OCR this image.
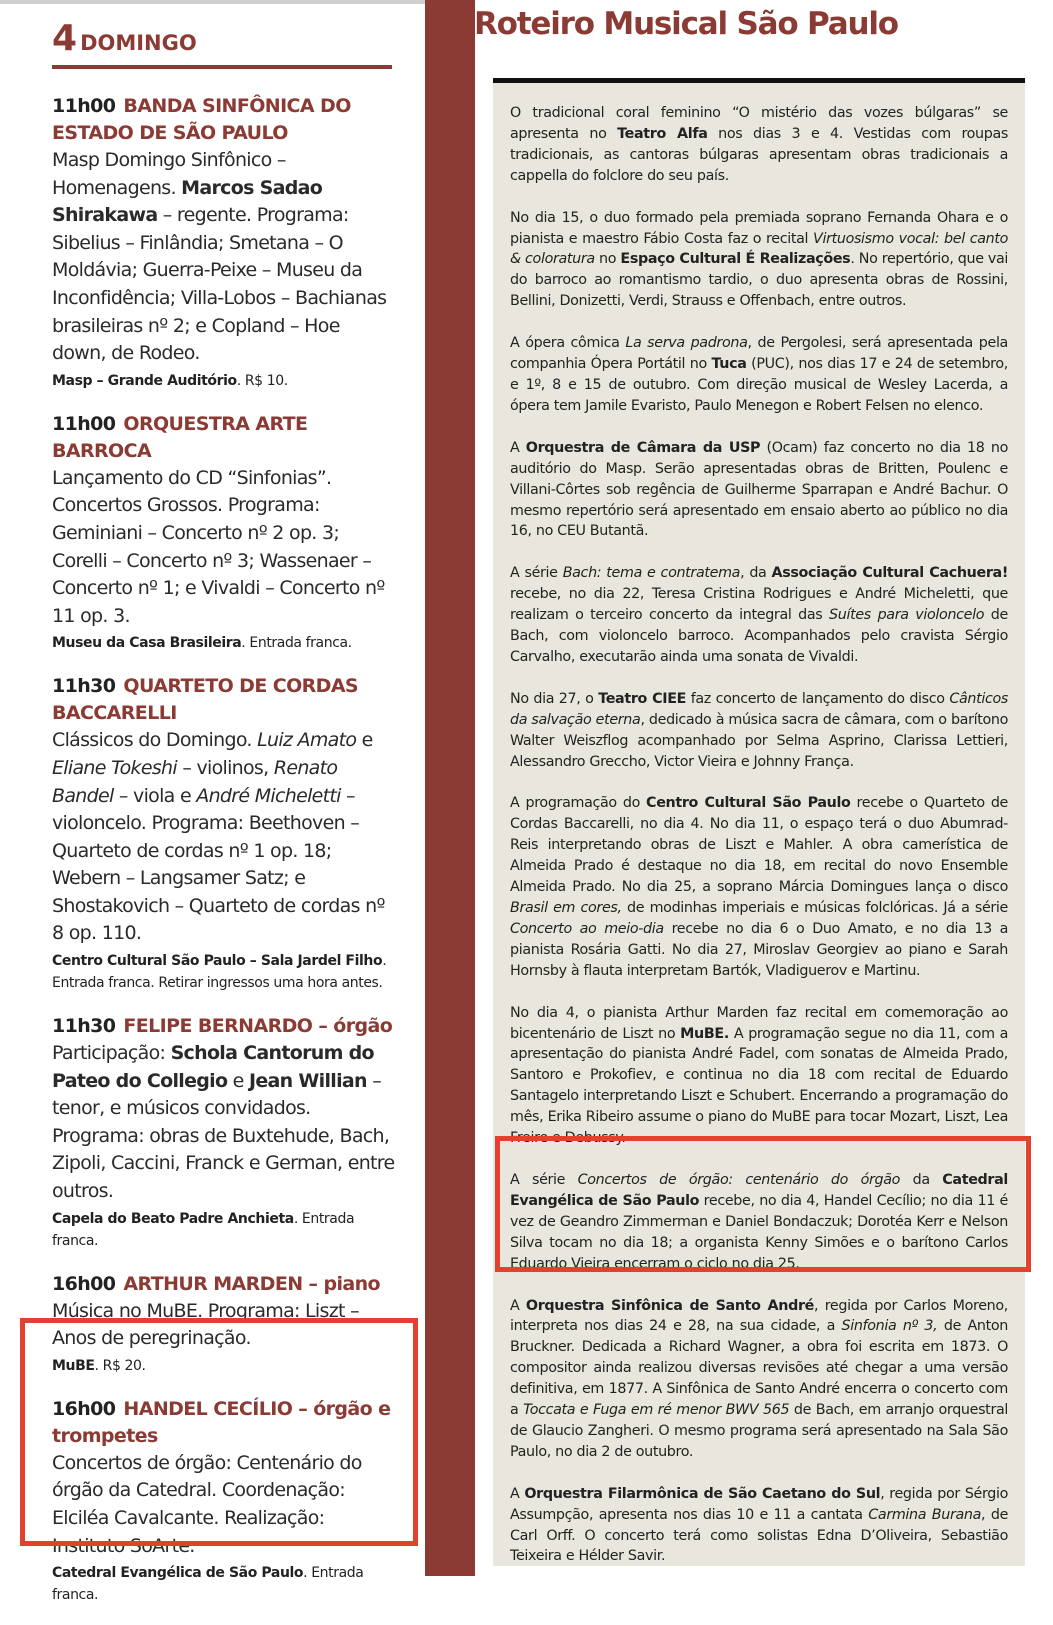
4 DOMINGO
11h00 BANDA SINFÔNICA DO ESTADO DE SÃO PAULO
Masp Domingo Sinfônico – Homenagens. Marcos Sadao Shirakawa – regente. Programa: Sibelius – Finlândia; Smetana – O Moldávia; Guerra-Peixe – Museu da Inconfidência; Villa-Lobos – Bachianas brasileiras nº 2; e Copland – Hoe down, de Rodeo.
Masp – Grande Auditório. R$ 10.
11h00 ORQUESTRA ARTE BARROCA
Lançamento do CD “Sinfonias”. Concertos Grossos. Programa: Geminiani – Concerto nº 2 op. 3; Corelli – Concerto nº 3; Wassenaer – Concerto nº 1; e Vivaldi – Concerto nº 11 op. 3.
Museu da Casa Brasileira. Entrada franca.
11h30 QUARTETO DE CORDAS BACCARELLI
Clássicos do Domingo. Luiz Amato e Eliane Tokeshi – violinos, Renato Bandel – viola e André Micheletti – violoncelo. Programa: Beethoven – Quarteto de cordas nº 1 op. 18; Webern – Langsamer Satz; e Shostakovich – Quarteto de cordas nº 8 op. 110.
Centro Cultural São Paulo – Sala Jardel Filho. Entrada franca. Retirar ingressos uma hora antes.
11h30 FELIPE BERNARDO – órgão
Participação: Schola Cantorum do Pateo do Collegio e Jean Willian – tenor, e músicos convidados. Programa: obras de Buxtehude, Bach, Zipoli, Caccini, Franck e German, entre outros.
Capela do Beato Padre Anchieta. Entrada franca.
16h00 ARTHUR MARDEN – piano
Música no MuBE. Programa: Liszt – Anos de peregrinação.
MuBE. R$ 20.
16h00 HANDEL CECÍLIO – órgão e trompetes
Concertos de órgão: Centenário do órgão da Catedral. Coordenação: Elciléa Cavalcante. Realização: Instituto SoArte.
Catedral Evangélica de São Paulo. Entrada franca.
Roteiro Musical São Paulo

O tradicional coral feminino “O mistério das vozes búlgaras” se apresenta no Teatro Alfa nos dias 3 e 4. Vestidas com roupas tradicionais, as cantoras búlgaras apresentam obras tradicionais a cappella do folclore do seu país.

No dia 15, o duo formado pela premiada soprano Fernanda Ohara e o pianista e maestro Fábio Costa faz o recital Virtuosismo vocal: bel canto & coloratura no Espaço Cultural É Realizações. No repertório, que vai do barroco ao romantismo tardio, o duo apresenta obras de Rossini, Bellini, Donizetti, Verdi, Strauss e Offenbach, entre outros.

A ópera cômica La serva padrona, de Pergolesi, será apresentada pela companhia Ópera Portátil no Tuca (PUC), nos dias 17 e 24 de setembro, e 1º, 8 e 15 de outubro. Com direção musical de Wesley Lacerda, a ópera tem Jamile Evaristo, Paulo Menegon e Robert Felsen no elenco.

A Orquestra de Câmara da USP (Ocam) faz concerto no dia 18 no auditório do Masp. Serão apresentadas obras de Britten, Poulenc e Villani-Côrtes sob regência de Guilherme Sparrapan e André Bachur. O mesmo repertório será apresentado em ensaio aberto ao público no dia 16, no CEU Butantã.

A série Bach: tema e contratema, da Associação Cultural Cachuera! recebe, no dia 22, Teresa Cristina Rodrigues e André Micheletti, que realizam o terceiro concerto da integral das Suítes para violoncelo de Bach, com violoncelo barroco. Acompanhados pelo cravista Sérgio Carvalho, executarão ainda uma sonata de Vivaldi.

No dia 27, o Teatro CIEE faz concerto de lançamento do disco Cânticos da salvação eterna, dedicado à música sacra de câmara, com o barítono Walter Weiszflog acompanhado por Selma Asprino, Clarissa Lettieri, Alessandro Grecchо, Victor Vieira e Johnny França.

A programação do Centro Cultural São Paulo recebe o Quarteto de Cordas Baccarelli, no dia 4. No dia 11, o espaço terá o duo Abumrad-Reis interpretando obras de Liszt e Mahler. A obra camerística de Almeida Prado é destaque no dia 18, em recital do novo Ensemble Almeida Prado. No dia 25, a soprano Márcia Domingues lança o disco Brasil em cores, de modinhas imperiais e músicas folclóricas. Já a série Concerto ao meio-dia recebe no dia 6 o Duo Amato, e no dia 13 a pianista Rosária Gatti. No dia 27, Miroslav Georgiev ao piano e Sarah Hornsby à flauta interpretam Bartók, Vladiguerov e Martinu.

No dia 4, o pianista Arthur Marden faz recital em comemoração ao bicentenário de Liszt no MuBE. A programação segue no dia 11, com a apresentação do pianista André Fadel, com sonatas de Almeida Prado, Santoro e Prokofiev, e continua no dia 18 com recital de Eduardo Santagelo interpretando Liszt e Schubert. Encerrando a programação do mês, Erika Ribeiro assume o piano do MuBE para tocar Mozart, Liszt, Lea Freire e Debussy.

A série Concertos de órgão: centenário do órgão da Catedral Evangélica de São Paulo recebe, no dia 4, Handel Cecílio; no dia 11 é vez de Geandro Zimmerman e Daniel Bondaczuk; Dorotéa Kerr e Nelson Silva tocam no dia 18; a organista Kenny Simões e o barítono Carlos Eduardo Vieira encerram o ciclo no dia 25.

A Orquestra Sinfônica de Santo André, regida por Carlos Moreno, interpreta nos dias 24 e 28, na sua cidade, a Sinfonia nº 3, de Anton Bruckner. Dedicada a Richard Wagner, a obra foi escrita em 1873. O compositor ainda realizou diversas revisões até chegar a uma versão definitiva, em 1877. A Sinfônica de Santo André encerra o concerto com a Toccata e Fuga em ré menor BWV 565 de Bach, em arranjo orquestral de Glaucio Zangheri. O mesmo programa será apresentado na Sala São Paulo, no dia 2 de outubro.

A Orquestra Filarmônica de São Caetano do Sul, regida por Sérgio Assumpção, apresenta nos dias 10 e 11 a cantata Carmina Burana, de Carl Orff. O concerto terá como solistas Edna D’Oliveira, Sebastião Teixeira e Hélder Savir.
